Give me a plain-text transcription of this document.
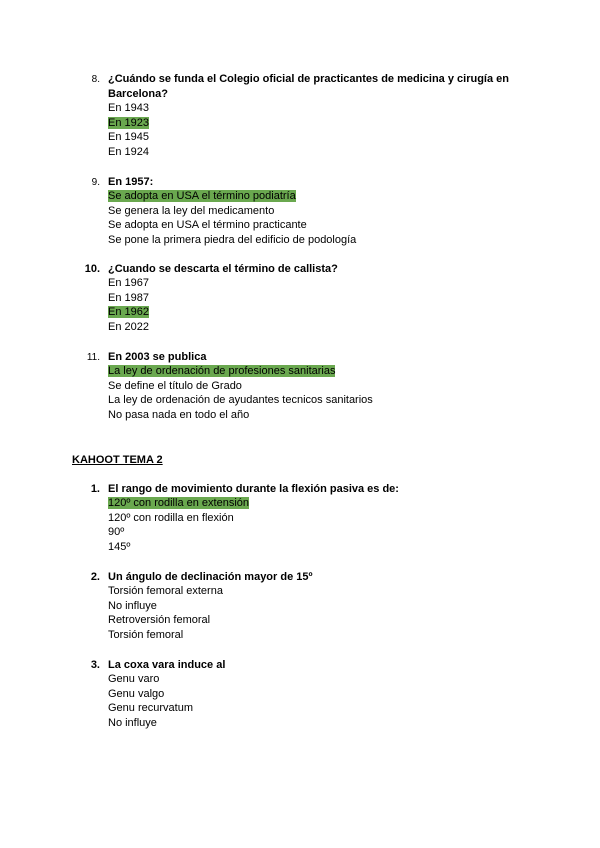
8. ¿Cuándo se funda el Colegio oficial de practicantes de medicina y cirugía en Barcelona?
En 1943
En 1923
En 1945
En 1924
9. En 1957:
Se adopta en USA el término podiatría
Se genera la ley del medicamento
Se adopta en USA el término practicante
Se pone la primera piedra del edificio de podología
10. ¿Cuando se descarta el término de callista?
En 1967
En 1987
En 1962
En 2022
11. En 2003 se publica
La ley de ordenación de profesiones sanitarias
Se define el título de Grado
La ley de ordenación de ayudantes tecnicos sanitarios
No pasa nada en todo el año
KAHOOT TEMA 2
1. El rango de movimiento durante la flexión pasiva es de:
120º con rodilla en extensión
120º con rodilla en flexión
90º
145º
2. Un ángulo de declinación mayor de 15º
Torsión femoral externa
No influye
Retroversión femoral
Torsión femoral
3. La coxa vara induce al
Genu varo
Genu valgo
Genu recurvatum
No influye
